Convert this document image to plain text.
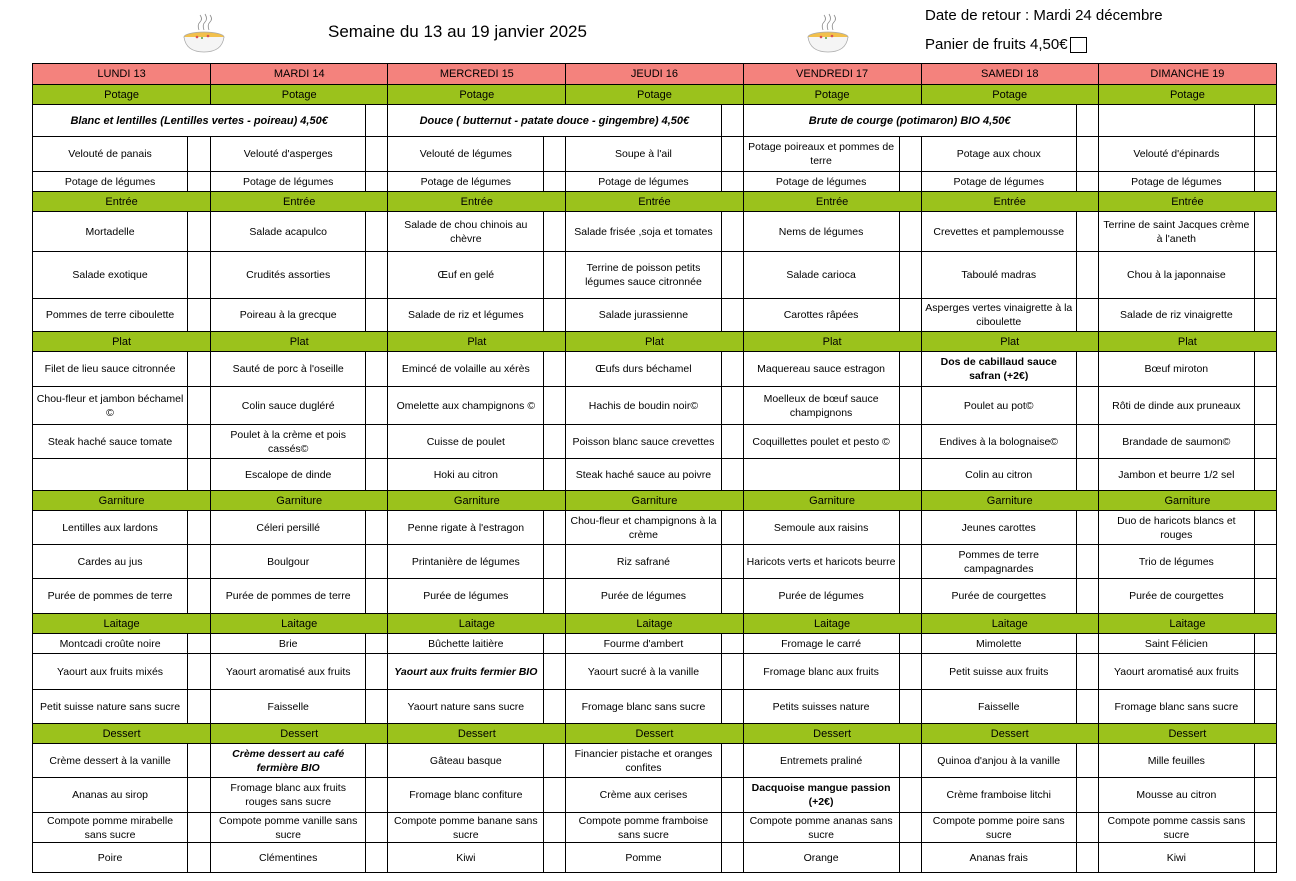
Semaine du 13 au 19 janvier 2025
Date de retour : Mardi 24 décembre
Panier de fruits 4,50€
LUNDI 13		MARDI 14		MERCREDI 15		JEUDI 16		VENDREDI 17		SAMEDI 18		DIMANCHE 19	
Potage		Potage		Potage		Potage		Potage		Potage		Potage	
Blanc et lentilles (Lentilles vertes - poireau) 4,50€				Douce ( butternut - patate douce - gingembre) 4,50€				Brute de courge (potimaron) BIO 4,50€					
Velouté de panais		Velouté d'asperges		Velouté de légumes		Soupe à l'ail		Potage poireaux et pommes de terre		Potage aux choux		Velouté d'épinards	
Potage de légumes		Potage de légumes		Potage de légumes		Potage de légumes		Potage de légumes		Potage de légumes		Potage de légumes	
Entrée		Entrée		Entrée		Entrée		Entrée		Entrée		Entrée	
Mortadelle		Salade acapulco		Salade de chou chinois au chèvre		Salade frisée ,soja et tomates		Nems de légumes		Crevettes et pamplemousse		Terrine de saint Jacques crème à l'aneth	
Salade exotique		Crudités assorties		Œuf en gelé		Terrine de poisson petits légumes sauce citronnée		Salade carioca		Taboulé madras		Chou à la japonnaise	
Pommes de terre ciboulette		Poireau à la grecque		Salade de riz et légumes		Salade jurassienne		Carottes râpées		Asperges vertes vinaigrette à la ciboulette		Salade de riz vinaigrette	
Plat		Plat		Plat		Plat		Plat		Plat		Plat	
Filet de lieu sauce citronnée		Sauté de porc à l'oseille		Emincé de volaille au xérès		Œufs durs béchamel		Maquereau sauce estragon		Dos de cabillaud sauce safran (+2€)		Bœuf miroton	
Chou-fleur et jambon béchamel ©		Colin sauce dugléré		Omelette aux champignons ©		Hachis de boudin noir©		Moelleux de bœuf sauce champignons		Poulet au pot©		Rôti de dinde aux pruneaux	
Steak haché sauce tomate		Poulet à la crème et pois cassés©		Cuisse de poulet		Poisson blanc sauce crevettes		Coquillettes poulet et pesto ©		Endives à la bolognaise©		Brandade de saumon©	
		Escalope de dinde		Hoki au citron		Steak haché sauce au poivre				Colin au citron		Jambon et beurre 1/2 sel	
Garniture		Garniture		Garniture		Garniture		Garniture		Garniture		Garniture	
Lentilles aux lardons		Céleri persillé		Penne rigate à l'estragon		Chou-fleur et champignons à la crème		Semoule aux raisins		Jeunes carottes		Duo de haricots blancs et rouges	
Cardes au jus		Boulgour		Printanière de légumes		Riz safrané		Haricots verts et haricots beurre		Pommes de terre campagnardes		Trio de légumes	
Purée de pommes de terre		Purée de pommes de terre		Purée de légumes		Purée de légumes		Purée de légumes		Purée de courgettes		Purée de courgettes	
Laitage		Laitage		Laitage		Laitage		Laitage		Laitage		Laitage	
Montcadi croûte noire		Brie		Bûchette laitière		Fourme d'ambert		Fromage le carré		Mimolette		Saint Félicien	
Yaourt aux fruits mixés		Yaourt aromatisé aux fruits		Yaourt aux fruits fermier BIO		Yaourt sucré à la vanille		Fromage blanc aux fruits		Petit suisse aux fruits		Yaourt aromatisé aux fruits	
Petit suisse nature sans sucre		Faisselle		Yaourt nature sans sucre		Fromage blanc sans sucre		Petits suisses nature		Faisselle		Fromage blanc sans sucre	
Dessert		Dessert		Dessert		Dessert		Dessert		Dessert		Dessert	
Crème dessert à la vanille		Crème dessert au café fermière BIO		Gâteau basque		Financier pistache et oranges confites		Entremets praliné		Quinoa d'anjou à la vanille		Mille feuilles	
Ananas au sirop		Fromage blanc aux fruits rouges sans sucre		Fromage blanc confiture		Crème aux cerises		Dacquoise mangue passion (+2€)		Crème framboise litchi		Mousse au citron	
Compote pomme mirabelle sans sucre		Compote pomme vanille sans sucre		Compote pomme banane sans sucre		Compote pomme framboise sans sucre		Compote pomme ananas sans sucre		Compote pomme poire sans sucre		Compote pomme cassis sans sucre	
Poire		Clémentines		Kiwi		Pomme		Orange		Ananas frais		Kiwi	
